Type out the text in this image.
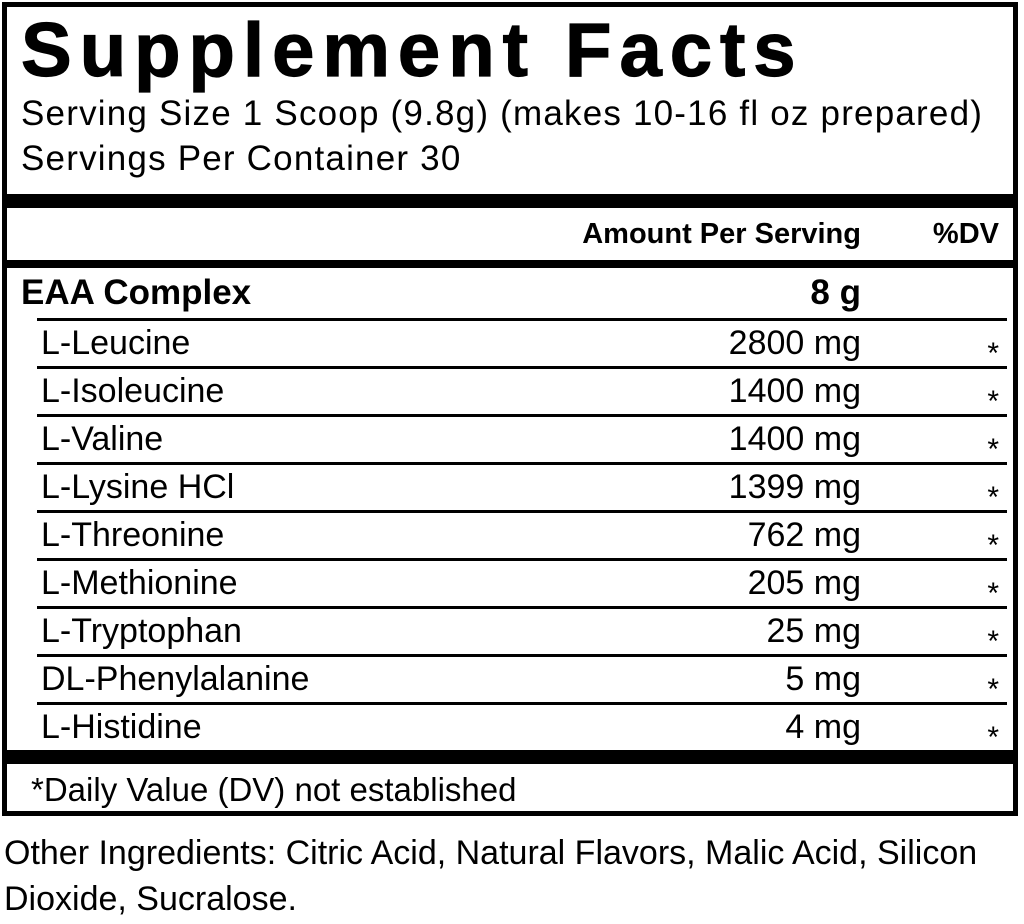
Supplement Facts
Serving Size 1 Scoop (9.8g) (makes 10-16 fl oz prepared)
Servings Per Container 30
Amount Per Serving	%DV
EAA Complex	8 g
L-Leucine	2800 mg	*
L-Isoleucine	1400 mg	*
L-Valine	1400 mg	*
L-Lysine HCl	1399 mg	*
L-Threonine	762 mg	*
L-Methionine	205 mg	*
L-Tryptophan	25 mg	*
DL-Phenylalanine	5 mg	*
L-Histidine	4 mg	*
*Daily Value (DV) not established
Other Ingredients: Citric Acid, Natural Flavors, Malic Acid, Silicon Dioxide, Sucralose.
